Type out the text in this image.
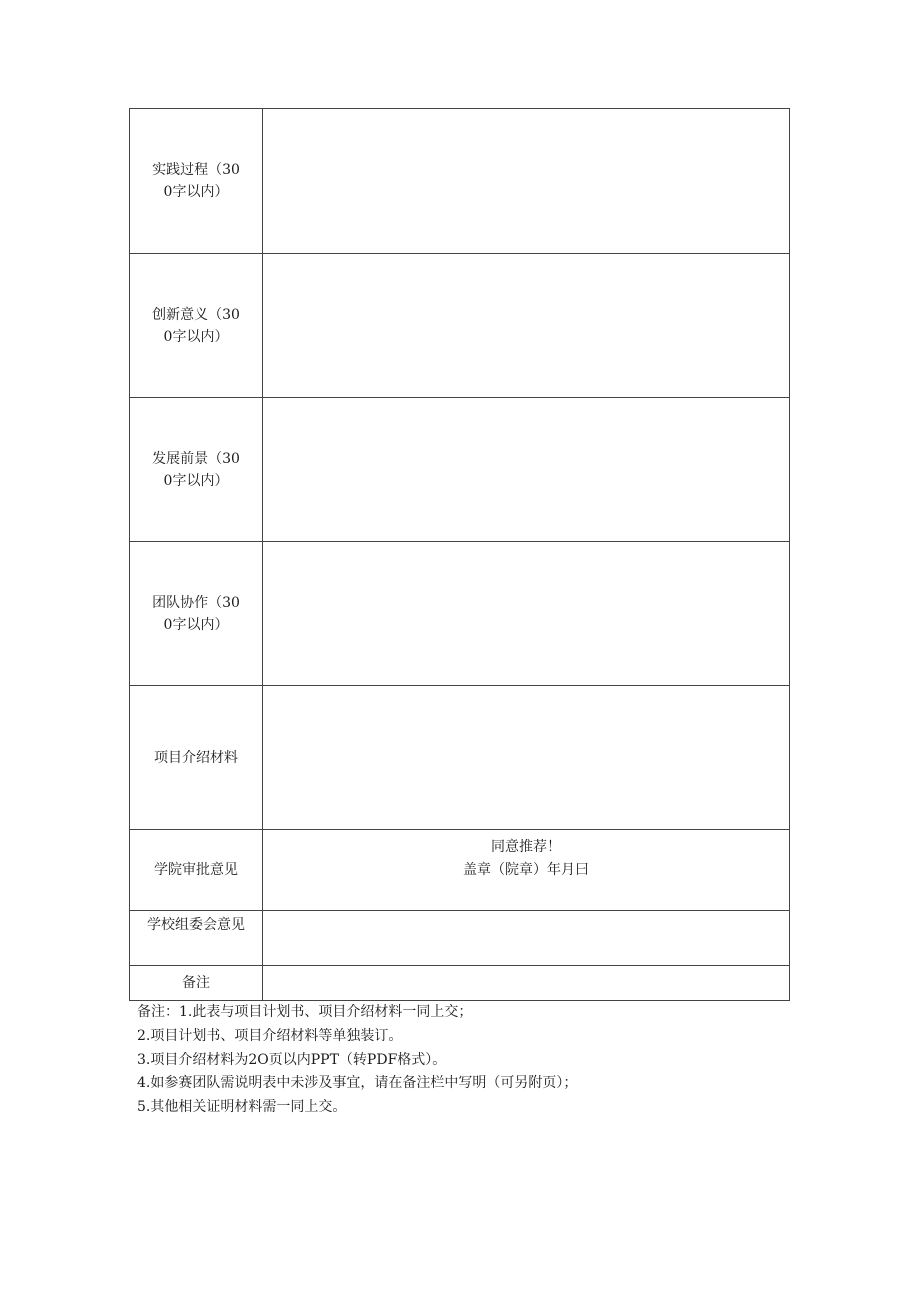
实践过程（300字以内）	
创新意义（300字以内）	
发展前景（300字以内）	
团队协作（300字以内）	
项目介绍材料	
学院审批意见	同意推荐！
盖章（院章）年月曰

学校组委会意见	
备注	

备注：1.此表与项目计划书、项目介绍材料一同上交；

2.项目计划书、项目介绍材料等单独装订。

3.项目介绍材料为2O页以内PPT（转PDF格式）。

4.如参赛团队需说明表中未涉及事宜，请在备注栏中写明（可另附页）；

5.其他相关证明材料需一同上交。
